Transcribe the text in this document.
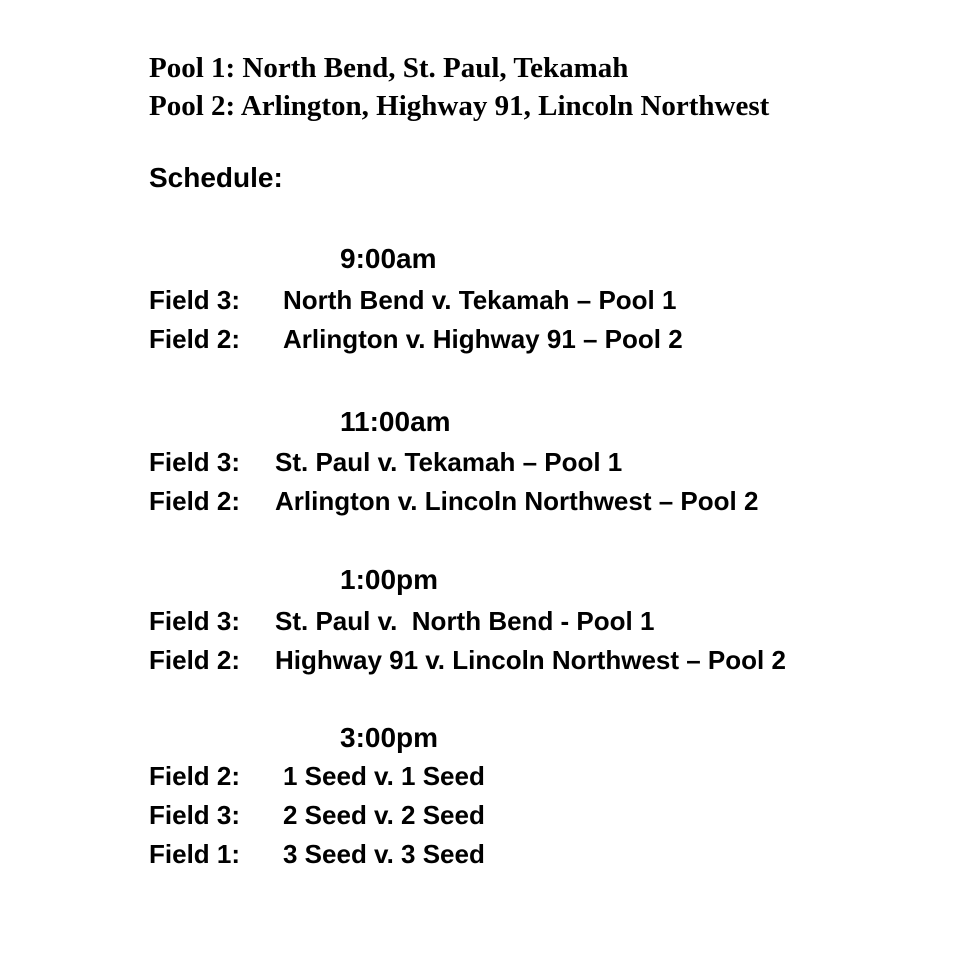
Pool 1: North Bend, St. Paul, Tekamah
Pool 2: Arlington, Highway 91, Lincoln Northwest
Schedule:
9:00am
Field 3: North Bend v. Tekamah – Pool 1
Field 2: Arlington v. Highway 91 – Pool 2
11:00am
Field 3: St. Paul v. Tekamah – Pool 1
Field 2: Arlington v. Lincoln Northwest – Pool 2
1:00pm
Field 3: St. Paul v.  North Bend - Pool 1
Field 2: Highway 91 v. Lincoln Northwest – Pool 2
3:00pm
Field 2: 1 Seed v. 1 Seed
Field 3: 2 Seed v. 2 Seed
Field 1: 3 Seed v. 3 Seed
